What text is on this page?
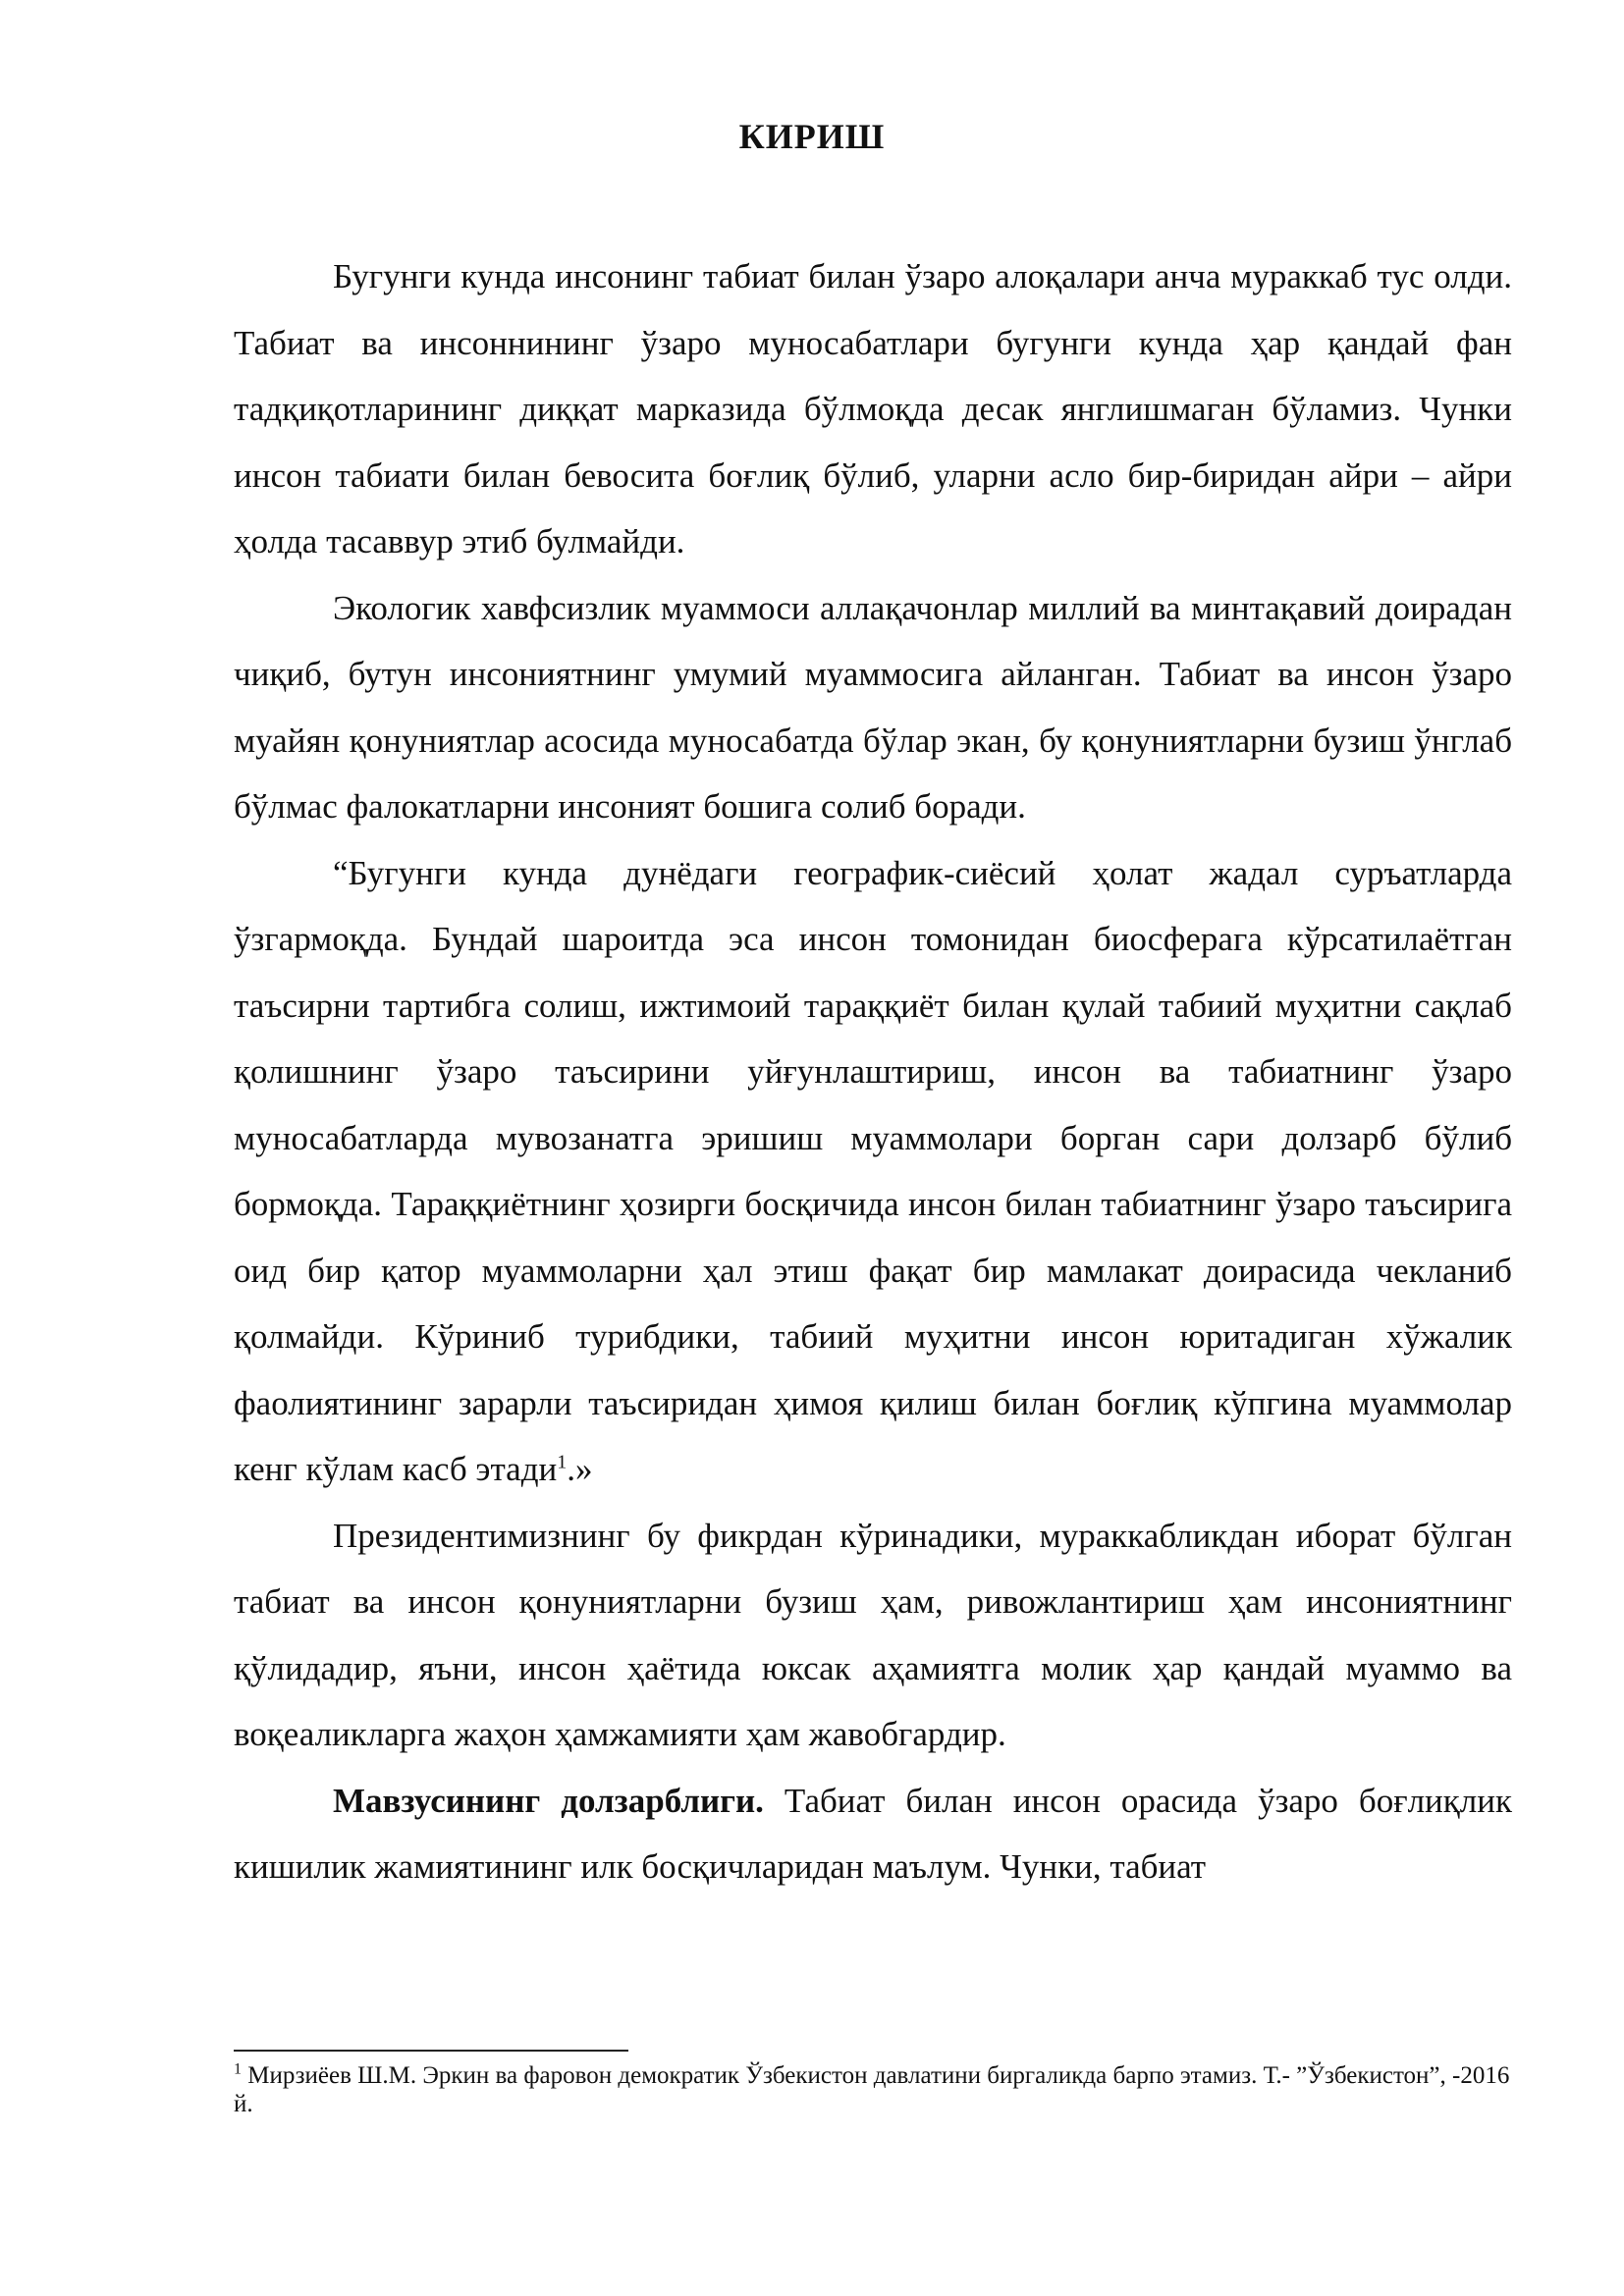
КИРИШ

Бугунги кунда инсонинг табиат билан ўзаро алоқалари анча мураккаб тус олди. Табиат ва инсоннининг ўзаро муносабатлари бугунги кунда ҳар қандай фан тадқиқотларининг диққат марказида бўлмоқда десак янглишмаган бўламиз. Чунки инсон табиати билан бевосита боғлиқ бўлиб, уларни асло бир-биридан айри – айри ҳолда тасаввур этиб булмайди.

Экологик хавфсизлик муаммоси аллақачонлар миллий ва минтақавий доирадан чиқиб, бутун инсониятнинг умумий муаммосига айланган. Табиат ва инсон ўзаро муайян қонуниятлар асосида муносабатда бўлар экан, бу қонуниятларни бузиш ўнглаб бўлмас фалокатларни инсоният бошига солиб боради.

“Бугунги кунда дунёдаги географик-сиёсий ҳолат жадал суръатларда ўзгармоқда. Бундай шароитда эса инсон томонидан биосферага кўрсатилаётган таъсирни тартибга солиш, ижтимоий тараққиёт билан қулай табиий муҳитни сақлаб қолишнинг ўзаро таъсирини уйғунлаштириш, инсон ва табиатнинг ўзаро муносабатларда мувозанатга эришиш муаммолари борган сари долзарб бўлиб бормоқда. Тараққиётнинг ҳозирги босқичида инсон билан табиатнинг ўзаро таъсирига оид бир қатор муаммоларни ҳал этиш фақат бир мамлакат доирасида чекланиб қолмайди. Кўриниб турибдики, табиий муҳитни инсон юритадиган хўжалик фаолиятининг зарарли таъсиридан ҳимоя қилиш билан боғлиқ кўпгина муаммолар кенг кўлам касб этади$^1$.»

Президентимизнинг бу фикрдан кўринадики, мураккабликдан иборат бўлган табиат ва инсон қонуниятларни бузиш ҳам, ривожлантириш ҳам инсониятнинг қўлидадир, яъни, инсон ҳаётида юксак аҳамиятга молик ҳар қандай муаммо ва воқеаликларга жаҳон ҳамжамияти ҳам жавобгардир.

Мавзусининг долзарблиги. Табиат билан инсон орасида ўзаро боғлиқлик кишилик жамиятининг илк босқичларидан маълум. Чунки, табиат

$^1$ Мирзиёев Ш.М. Эркин ва фаровон демократик Ўзбекистон давлатини биргаликда барпо этамиз. Т.- ”Ўзбекистон”, -2016 й.
